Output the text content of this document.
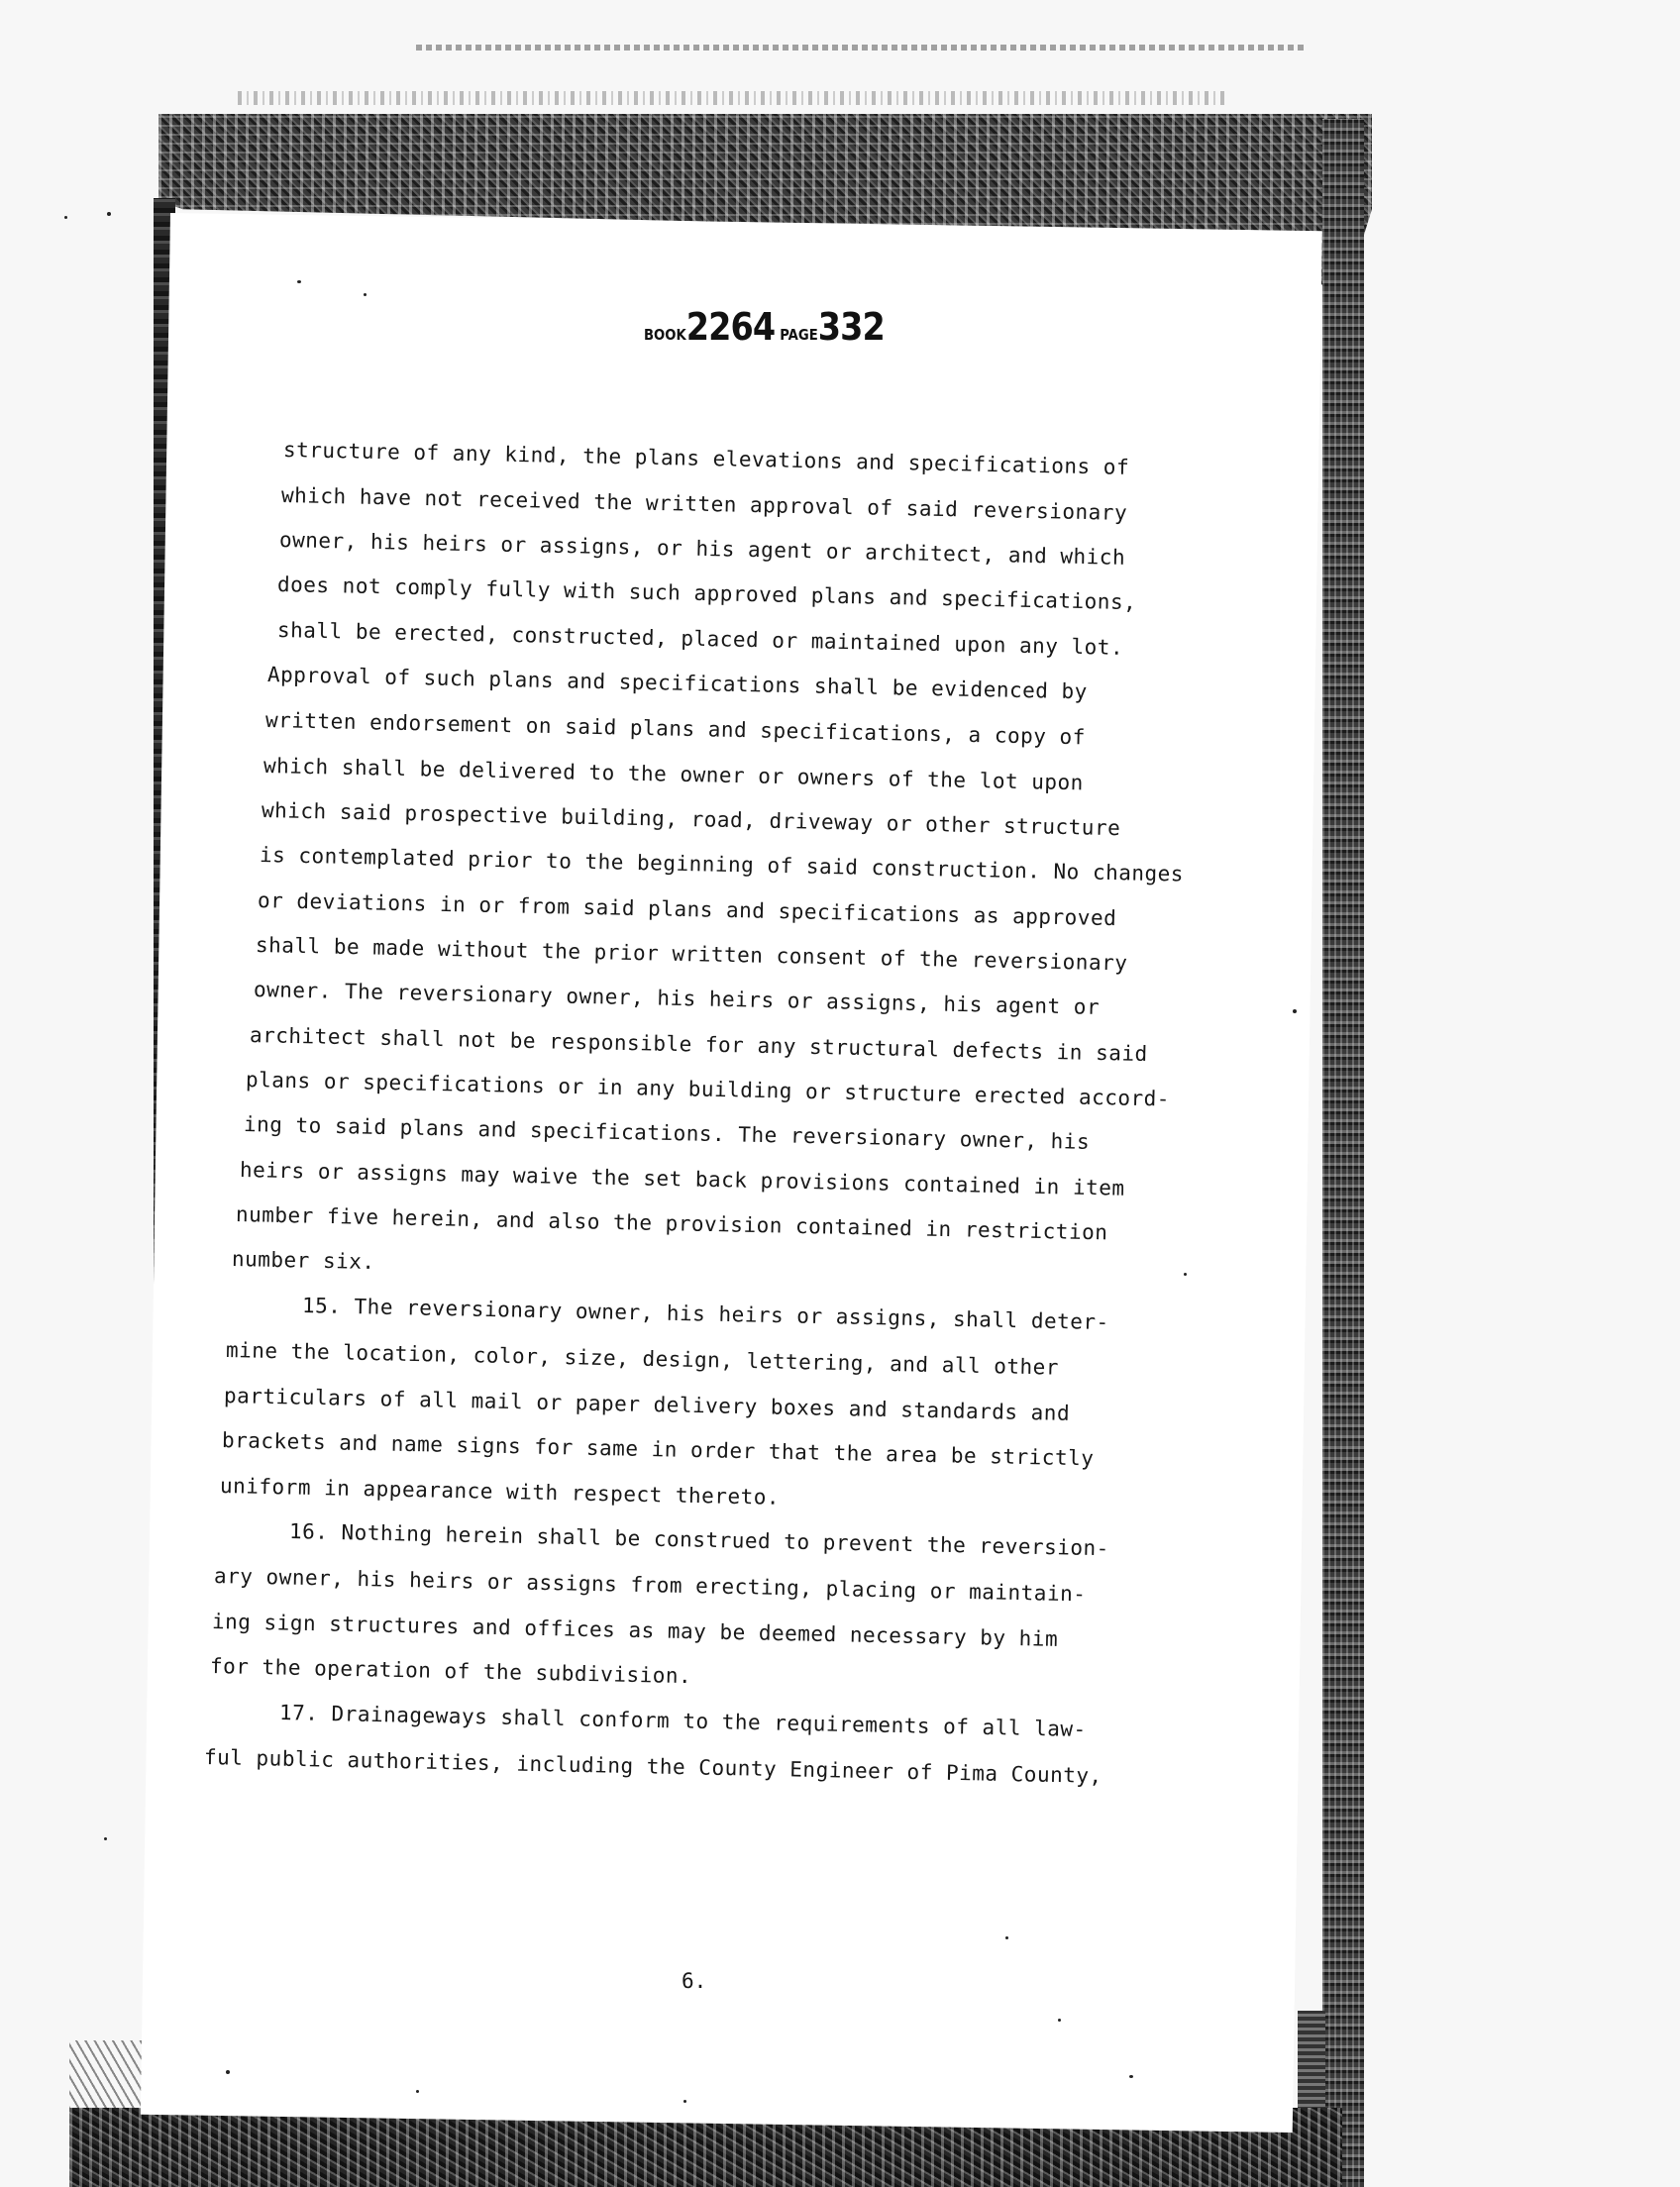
BOOK2264 PAGE332
structure of any kind, the plans elevations and specifications of
which have not received the written approval of said reversionary
owner, his heirs or assigns, or his agent or architect, and which
does not comply fully with such approved plans and specifications,
shall be erected, constructed, placed or maintained upon any lot.
Approval of such plans and specifications shall be evidenced by
written endorsement on said plans and specifications, a copy of
which shall be delivered to the owner or owners of the lot upon
which said prospective building, road, driveway or other structure
is contemplated prior to the beginning of said construction. No changes
or deviations in or from said plans and specifications as approved
shall be made without the prior written consent of the reversionary
owner. The reversionary owner, his heirs or assigns, his agent or
architect shall not be responsible for any structural defects in said
plans or specifications or in any building or structure erected accord-
ing to said plans and specifications. The reversionary owner, his
heirs or assigns may waive the set back provisions contained in item
number five herein, and also the provision contained in restriction
number six.
15. The reversionary owner, his heirs or assigns, shall deter-
mine the location, color, size, design, lettering, and all other
particulars of all mail or paper delivery boxes and standards and
brackets and name signs for same in order that the area be strictly
uniform in appearance with respect thereto.
16. Nothing herein shall be construed to prevent the reversion-
ary owner, his heirs or assigns from erecting, placing or maintain-
ing sign structures and offices as may be deemed necessary by him
for the operation of the subdivision.
17. Drainageways shall conform to the requirements of all law-
ful public authorities, including the County Engineer of Pima County,
6.
